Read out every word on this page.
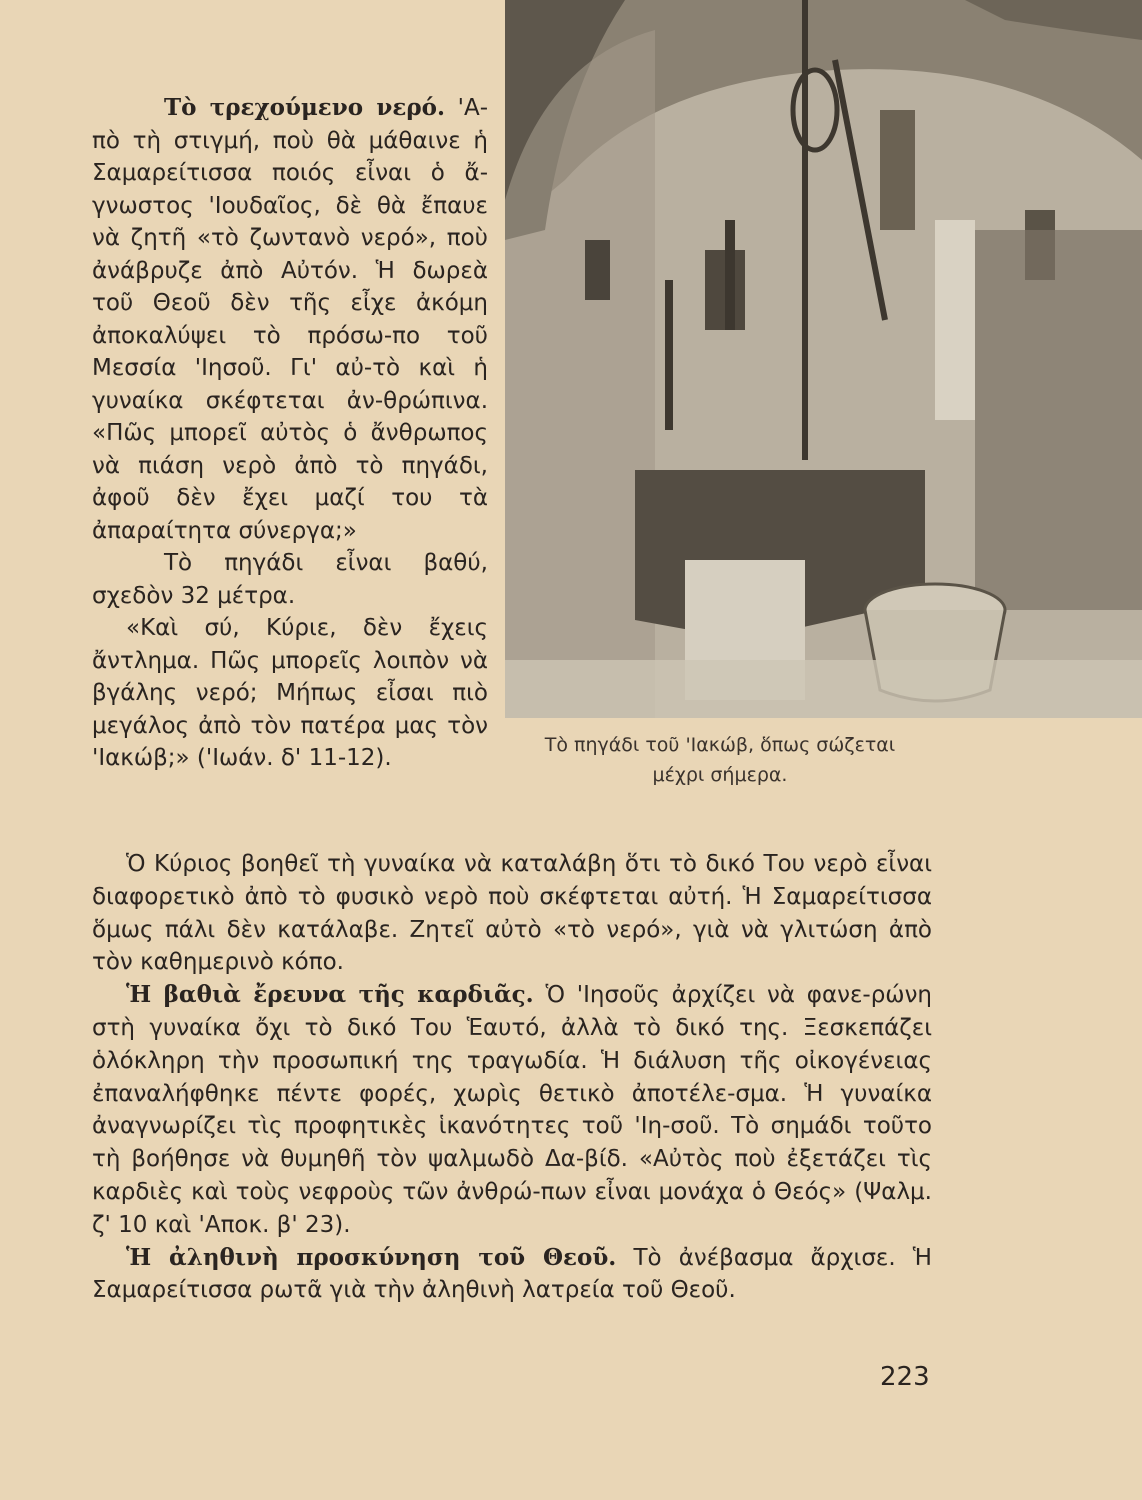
Τὸ πηγάδι τοῦ 'Ιακώβ, ὅπως σώζεται
μέχρι σήμερα.

Τὸ τρεχούμενο νερό. 'Α-πὸ τὴ στιγμή, ποὺ θὰ μάθαινε ἡ Σαμαρείτισσα ποιός εἶναι ὁ ἄ-γνωστος 'Ιουδαῖος, δὲ θὰ ἔπαυε νὰ ζητῆ «τὸ ζωντανὸ νερό», ποὺ ἀνάβρυζε ἀπὸ Αὐτόν. Ἡ δωρεὰ τοῦ Θεοῦ δὲν τῆς εἶχε ἀκόμη ἀποκαλύψει τὸ πρόσω-πο τοῦ Μεσσία 'Ιησοῦ. Γι' αὐ-τὸ καὶ ἡ γυναίκα σκέφτεται ἀν-θρώπινα. «Πῶς μπορεῖ αὐτὸς ὁ ἄνθρωπος νὰ πιάση νερὸ ἀπὸ τὸ πηγάδι, ἀφοῦ δὲν ἔχει μαζί του τὰ ἀπαραίτητα σύνεργα;»

Τὸ πηγάδι εἶναι βαθύ, σχεδὸν 32 μέτρα.

«Καὶ σύ, Κύριε, δὲν ἔχεις ἄντλημα. Πῶς μπορεῖς λοιπὸν νὰ βγάλης νερό; Μήπως εἶσαι πιὸ μεγάλος ἀπὸ τὸν πατέρα μας τὸν 'Ιακώβ;» ('Ιωάν. δ' 11-12).

Ὁ Κύριος βοηθεῖ τὴ γυναίκα νὰ καταλάβη ὅτι τὸ δικό Του νερὸ εἶναι διαφορετικὸ ἀπὸ τὸ φυσικὸ νερὸ ποὺ σκέφτεται αὐτή. Ἡ Σαμαρείτισσα ὅμως πάλι δὲν κατάλαβε. Ζητεῖ αὐτὸ «τὸ νερό», γιὰ νὰ γλιτώση ἀπὸ τὸν καθημερινὸ κόπο.

Ἡ βαθιὰ ἔρευνα τῆς καρδιᾶς. Ὁ 'Ιησοῦς ἀρχίζει νὰ φανε-ρώνη στὴ γυναίκα ὄχι τὸ δικό Του Ἑαυτό, ἀλλὰ τὸ δικό της. Ξεσκεπάζει ὁλόκληρη τὴν προσωπική της τραγωδία. Ἡ διάλυση τῆς οἰκογένειας ἐπαναλήφθηκε πέντε φορές, χωρὶς θετικὸ ἀποτέλε-σμα. Ἡ γυναίκα ἀναγνωρίζει τὶς προφητικὲς ἱκανότητες τοῦ 'Ιη-σοῦ. Τὸ σημάδι τοῦτο τὴ βοήθησε νὰ θυμηθῆ τὸν ψαλμωδὸ Δα-βίδ. «Αὐτὸς ποὺ ἐξετάζει τὶς καρδιὲς καὶ τοὺς νεφροὺς τῶν ἀνθρώ-πων εἶναι μονάχα ὁ Θεός» (Ψαλμ. ζ' 10 καὶ 'Αποκ. β' 23).

Ἡ ἀληθινὴ προσκύνηση τοῦ Θεοῦ. Τὸ ἀνέβασμα ἄρχισε. Ἡ Σαμαρείτισσα ρωτᾶ γιὰ τὴν ἀληθινὴ λατρεία τοῦ Θεοῦ.

223
